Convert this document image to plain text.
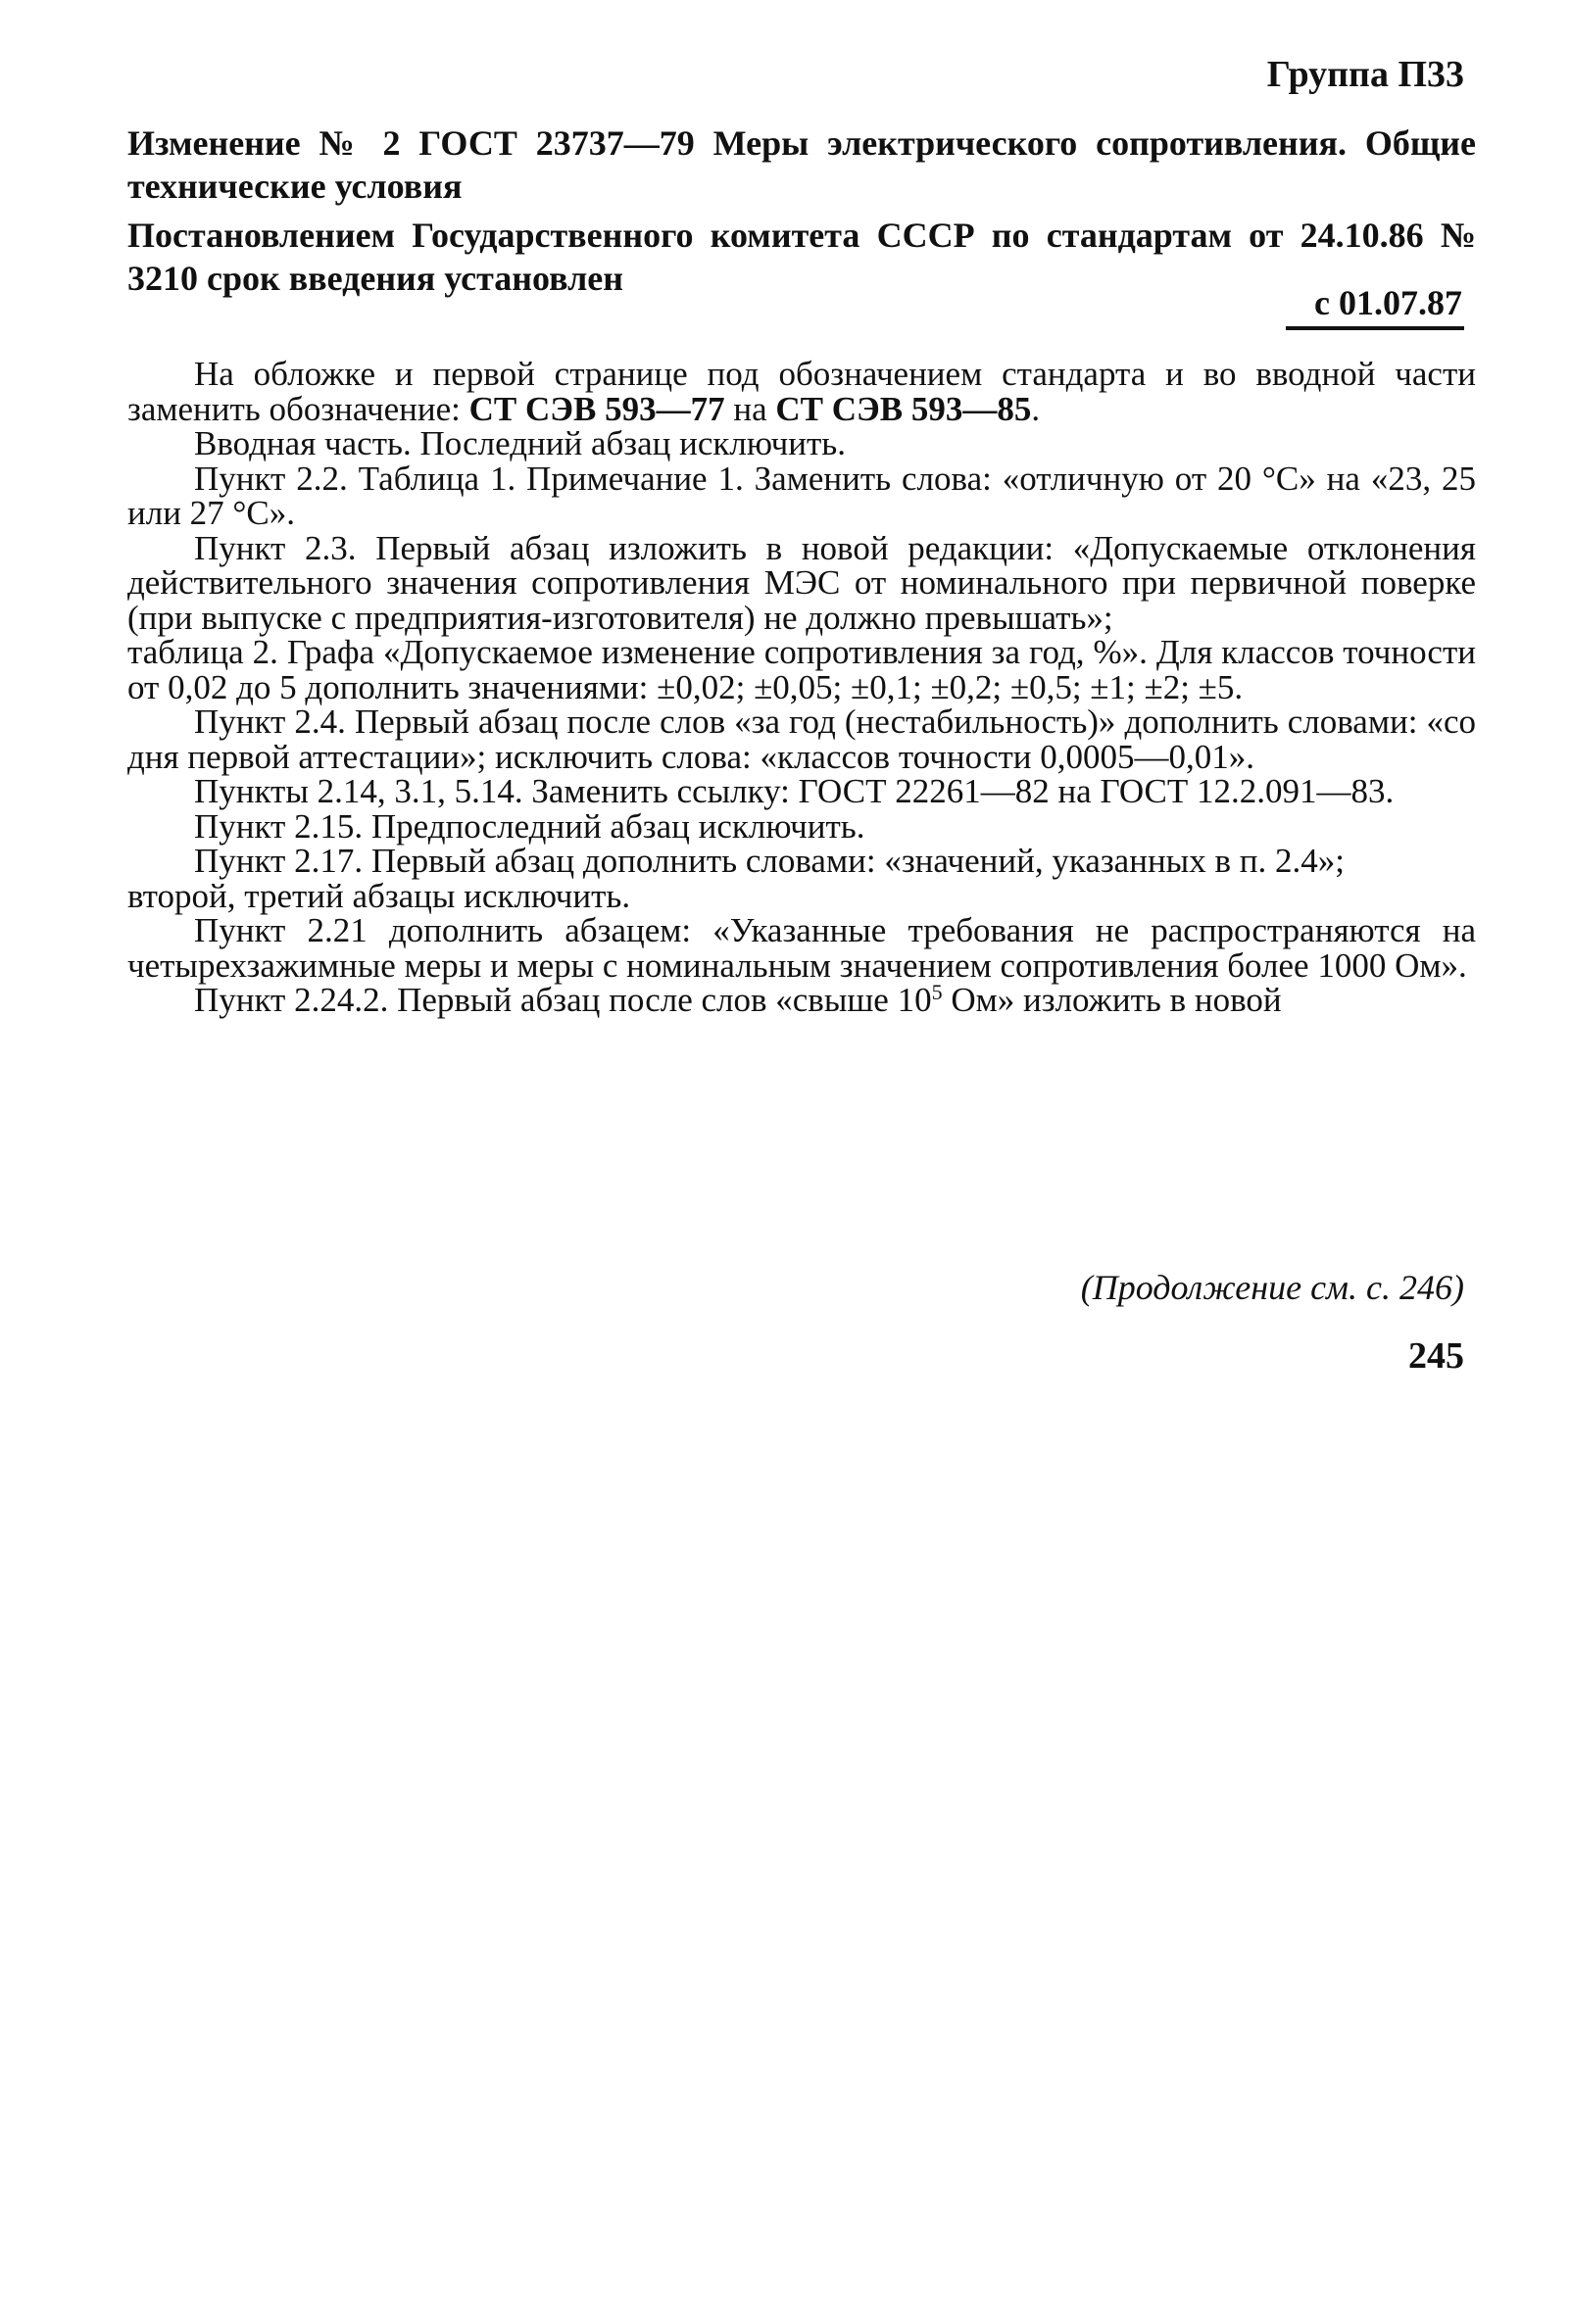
Группа П33
Изменение № 2 ГОСТ 23737—79 Меры электрического сопротивления. Общие технические условия
Постановлением Государственного комитета СССР по стандартам от 24.10.86 № 3210 срок введения установлен
с 01.07.87

На обложке и первой странице под обозначением стандарта и во вводной части заменить обозначение: СТ СЭВ 593—77 на СТ СЭВ 593—85.

Вводная часть. Последний абзац исключить.

Пункт 2.2. Таблица 1. Примечание 1. Заменить слова: «отличную от 20 °С» на «23, 25 или 27 °С».

Пункт 2.3. Первый абзац изложить в новой редакции: «Допускаемые отклонения действительного значения сопротивления МЭС от номинального при первичной поверке (при выпуске с предприятия-изготовителя) не должно превышать»;

таблица 2. Графа «Допускаемое изменение сопротивления за год, %». Для классов точности от 0,02 до 5 дополнить значениями: ±0,02; ±0,05; ±0,1; ±0,2; ±0,5; ±1; ±2; ±5.

Пункт 2.4. Первый абзац после слов «за год (нестабильность)» дополнить словами: «со дня первой аттестации»; исключить слова: «классов точности 0,0005—0,01».

Пункты 2.14, 3.1, 5.14. Заменить ссылку: ГОСТ 22261—82 на ГОСТ 12.2.091—83.

Пункт 2.15. Предпоследний абзац исключить.

Пункт 2.17. Первый абзац дополнить словами: «значений, указанных в п. 2.4»;

второй, третий абзацы исключить.

Пункт 2.21 дополнить абзацем: «Указанные требования не распространяются на четырехзажимные меры и меры с номинальным значением сопротивления более 1000 Ом».

Пункт 2.24.2. Первый абзац после слов «свыше $10^5$ Ом» изложить в новой

(Продолжение см. с. 246)
245
